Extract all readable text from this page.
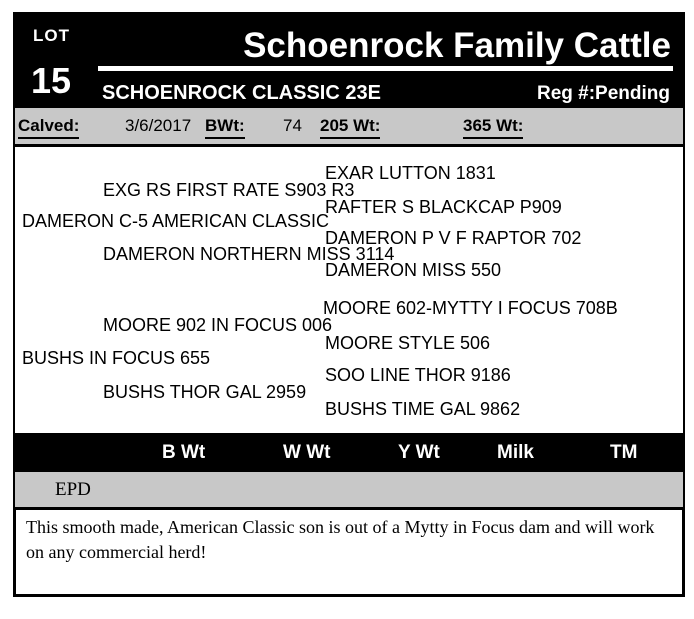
LOT
15
Schoenrock Family Cattle
SCHOENROCK CLASSIC 23E	Reg #:Pending
Calved:	3/6/2017 BWt: 74 205 Wt:	365 Wt:
EXAR LUTTON 1831
EXG RS FIRST RATE S903 R3
RAFTER S BLACKCAP P909
DAMERON C-5 AMERICAN CLASSIC
DAMERON P V F RAPTOR 702
DAMERON NORTHERN MISS 3114
DAMERON MISS 550
MOORE 602-MYTTY I FOCUS 708B
MOORE 902 IN FOCUS 006
MOORE STYLE 506
BUSHS IN FOCUS 655
SOO LINE THOR 9186
BUSHS THOR GAL 2959
BUSHS TIME GAL 9862
B Wt	W Wt	Y Wt	Milk	TM
EPD

This smooth made, American Classic son is out of a Mytty in Focus dam and will work on any commercial herd!
